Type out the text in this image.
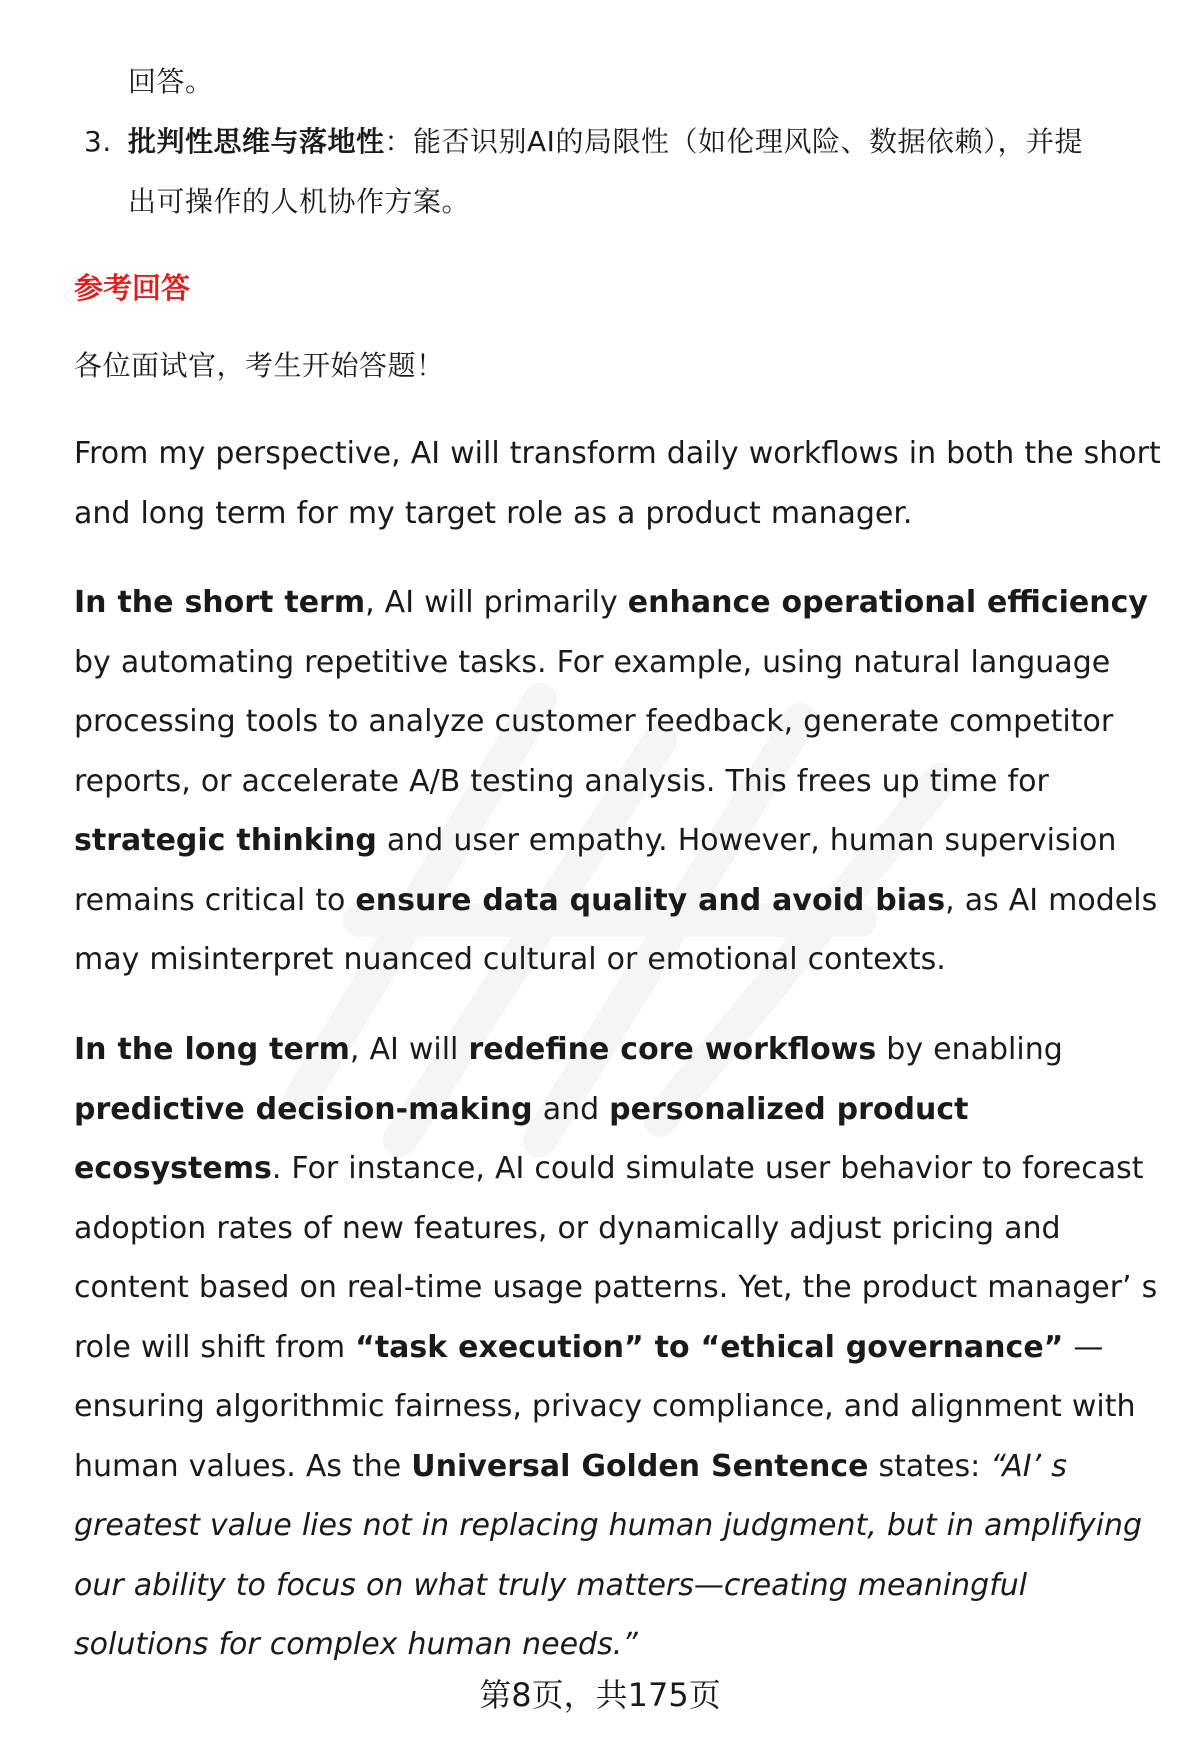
回答。

3. 批判性思维与落地性：能否识别AI的局限性（如伦理风险、数据依赖），并提
出可操作的人机协作方案。

参考回答

各位面试官，考生开始答题！

From my perspective, AI will transform daily workflows in both the short and long term for my target role as a product manager.

In the short term, AI will primarily enhance operational efficiency by automating repetitive tasks. For example, using natural language processing tools to analyze customer feedback, generate competitor reports, or accelerate A/B testing analysis. This frees up time for strategic thinking and user empathy. However, human supervision remains critical to ensure data quality and avoid bias, as AI models may misinterpret nuanced cultural or emotional contexts.

In the long term, AI will redefine core workflows by enabling predictive decision-making and personalized product ecosystems. For instance, AI could simulate user behavior to forecast adoption rates of new features, or dynamically adjust pricing and content based on real-time usage patterns. Yet, the product manager’ s role will shift from “task execution” to “ethical governance” —ensuring algorithmic fairness, privacy compliance, and alignment with human values. As the Universal Golden Sentence states: “AI’ s greatest value lies not in replacing human judgment, but in amplifying our ability to focus on what truly matters—creating meaningful solutions for complex human needs.”

第8页，共175页
